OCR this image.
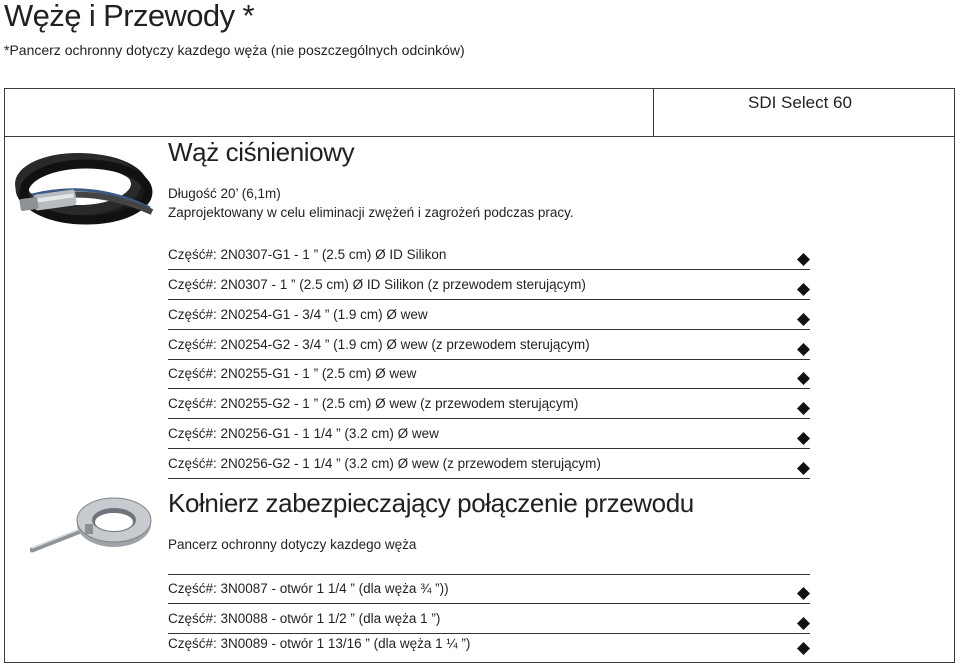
Wężę i Przewody *
*Pancerz ochronny dotyczy kazdego węża (nie poszczególnych odcinków)
SDI Select 60
Wąż ciśnieniowy
Długość 20’ (6,1m)
Zaprojektowany w celu eliminacji zwężeń i zagrożeń podczas pracy.
Część#: 2N0307-G1 - 1 ” (2.5 cm) Ø ID Silikon
Część#: 2N0307 - 1 ” (2.5 cm) Ø ID Silikon (z przewodem sterującym)
Część#: 2N0254-G1 - 3/4 ” (1.9 cm) Ø wew
Część#: 2N0254-G2 - 3/4 ” (1.9 cm) Ø wew (z przewodem sterującym)
Część#: 2N0255-G1 - 1 ” (2.5 cm) Ø wew
Część#: 2N0255-G2 - 1 ” (2.5 cm) Ø wew (z przewodem sterującym)
Część#: 2N0256-G1 - 1 1/4 ” (3.2 cm) Ø wew
Część#: 2N0256-G2 - 1 1/4 ” (3.2 cm) Ø wew (z przewodem sterującym)
Kołnierz zabezpieczający połączenie przewodu
Pancerz ochronny dotyczy kazdego węża
Część#: 3N0087 - otwór 1 1/4 ” (dla węża ¾ ”))
Część#: 3N0088 - otwór 1 1/2 ” (dla węża 1 ”)
Część#: 3N0089 - otwór 1 13/16 ” (dla węża 1 ¼ ”)
